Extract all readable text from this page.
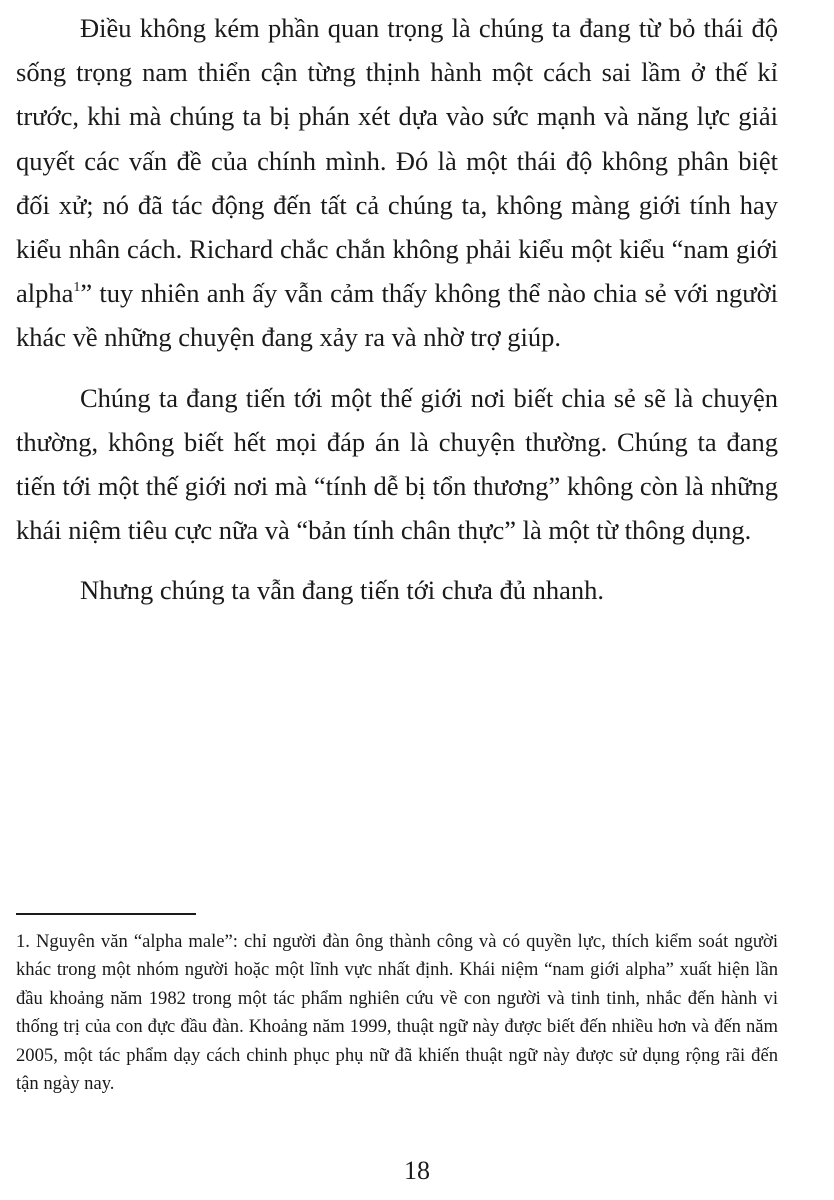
Điều không kém phần quan trọng là chúng ta đang từ bỏ thái độ sống trọng nam thiển cận từng thịnh hành một cách sai lầm ở thế kỉ trước, khi mà chúng ta bị phán xét dựa vào sức mạnh và năng lực giải quyết các vấn đề của chính mình. Đó là một thái độ không phân biệt đối xử; nó đã tác động đến tất cả chúng ta, không màng giới tính hay kiểu nhân cách. Richard chắc chắn không phải kiểu một kiểu “nam giới alpha$^1$” tuy nhiên anh ấy vẫn cảm thấy không thể nào chia sẻ với người khác về những chuyện đang xảy ra và nhờ trợ giúp.

Chúng ta đang tiến tới một thế giới nơi biết chia sẻ sẽ là chuyện thường, không biết hết mọi đáp án là chuyện thường. Chúng ta đang tiến tới một thế giới nơi mà “tính dễ bị tổn thương” không còn là những khái niệm tiêu cực nữa và “bản tính chân thực” là một từ thông dụng.

Nhưng chúng ta vẫn đang tiến tới chưa đủ nhanh.

1. Nguyên văn “alpha male”: chỉ người đàn ông thành công và có quyền lực, thích kiểm soát người khác trong một nhóm người hoặc một lĩnh vực nhất định. Khái niệm “nam giới alpha” xuất hiện lần đầu khoảng năm 1982 trong một tác phẩm nghiên cứu về con người và tinh tinh, nhắc đến hành vi thống trị của con đực đầu đàn. Khoảng năm 1999, thuật ngữ này được biết đến nhiều hơn và đến năm 2005, một tác phẩm dạy cách chinh phục phụ nữ đã khiến thuật ngữ này được sử dụng rộng rãi đến tận ngày nay.

18
